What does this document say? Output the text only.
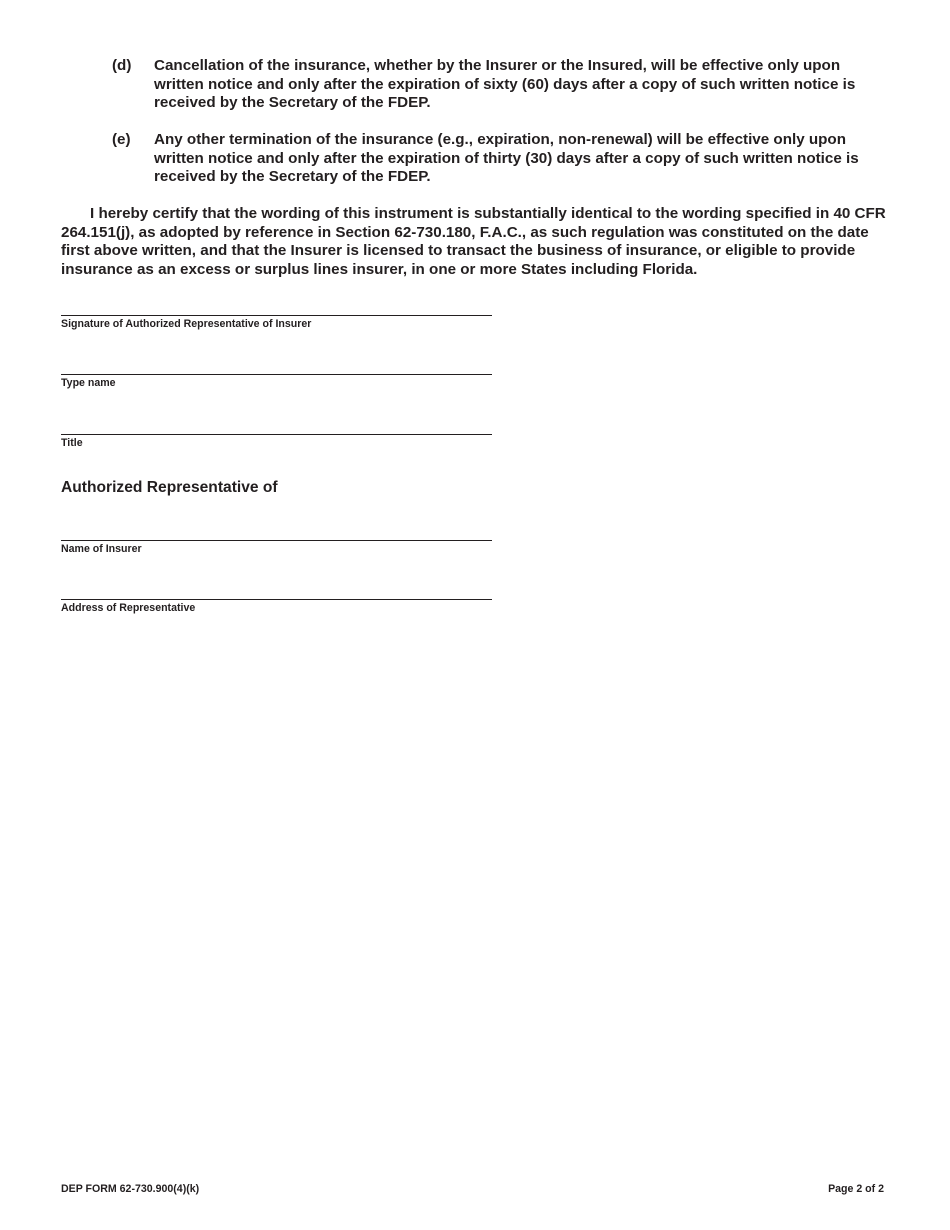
(d) Cancellation of the insurance, whether by the Insurer or the Insured, will be effective only upon written notice and only after the expiration of sixty (60) days after a copy of such written notice is received by the Secretary of the FDEP.
(e) Any other termination of the insurance (e.g., expiration, non-renewal) will be effective only upon written notice and only after the expiration of thirty (30) days after a copy of such written notice is received by the Secretary of the FDEP.
I hereby certify that the wording of this instrument is substantially identical to the wording specified in 40 CFR 264.151(j), as adopted by reference in Section 62-730.180, F.A.C., as such regulation was constituted on the date first above written, and that the Insurer is licensed to transact the business of insurance, or eligible to provide insurance as an excess or surplus lines insurer, in one or more States including Florida.
Signature of Authorized Representative of Insurer
Type name
Title
Authorized Representative of
Name of Insurer
Address of Representative
DEP FORM 62-730.900(4)(k)	Page 2 of 2
